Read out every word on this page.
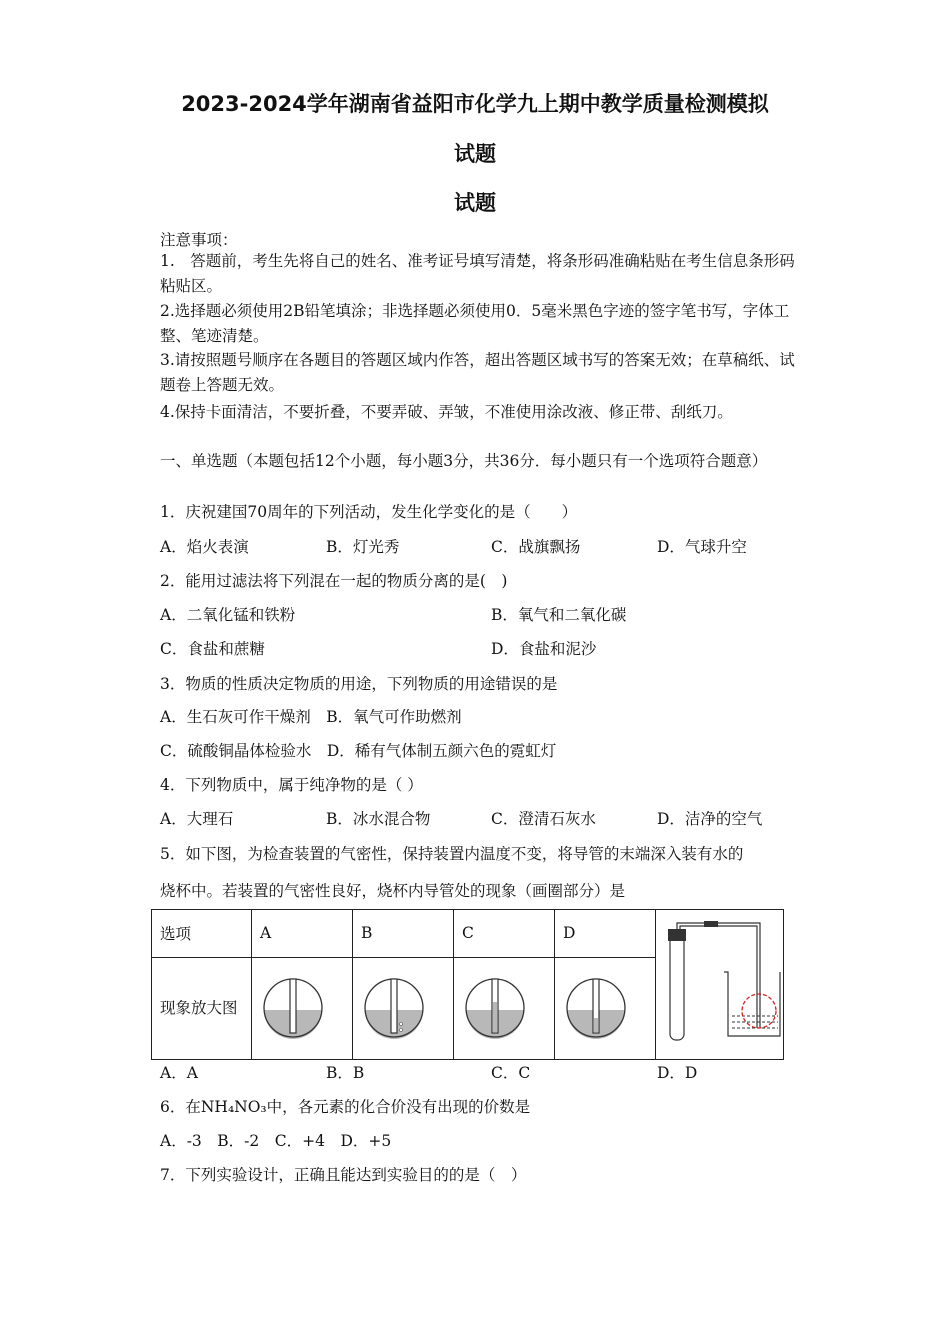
2023-2024学年湖南省益阳市化学九上期中教学质量检测模拟
试题
试题
注意事项：
1.　答题前，考生先将自己的姓名、准考证号填写清楚，将条形码准确粘贴在考生信息条形码粘贴区。
2.选择题必须使用2B铅笔填涂；非选择题必须使用0．5毫米黑色字迹的签字笔书写，字体工整、笔迹清楚。
3.请按照题号顺序在各题目的答题区域内作答，超出答题区域书写的答案无效；在草稿纸、试题卷上答题无效。
4.保持卡面清洁，不要折叠，不要弄破、弄皱，不准使用涂改液、修正带、刮纸刀。
一、单选题（本题包括12个小题，每小题3分，共36分．每小题只有一个选项符合题意）
1．庆祝建国70周年的下列活动，发生化学变化的是（　　）
A．焰火表演	B．灯光秀	C．战旗飘扬	D．气球升空
2．能用过滤法将下列混在一起的物质分离的是(　)
A．二氧化锰和铁粉	B．氧气和二氧化碳
C．食盐和蔗糖	D．食盐和泥沙
3．物质的性质决定物质的用途，下列物质的用途错误的是
A．生石灰可作干燥剂　B．氧气可作助燃剂
C．硫酸铜晶体检验水　D．稀有气体制五颜六色的霓虹灯
4．下列物质中，属于纯净物的是（ ）
A．大理石	B．冰水混合物	C．澄清石灰水	D．洁净的空气
5．如下图，为检查装置的气密性，保持装置内温度不变，将导管的末端深入装有水的
烧杯中。若装置的气密性良好，烧杯内导管处的现象（画圈部分）是
选项	A	B	C	D	
现象放大图	

A．A	B．B	C．C	D．D
6．在NH₄NO₃中，各元素的化合价没有出现的价数是
A．-3　B．-2　C．+4　D．+5
7．下列实验设计，正确且能达到实验目的的是（　）
